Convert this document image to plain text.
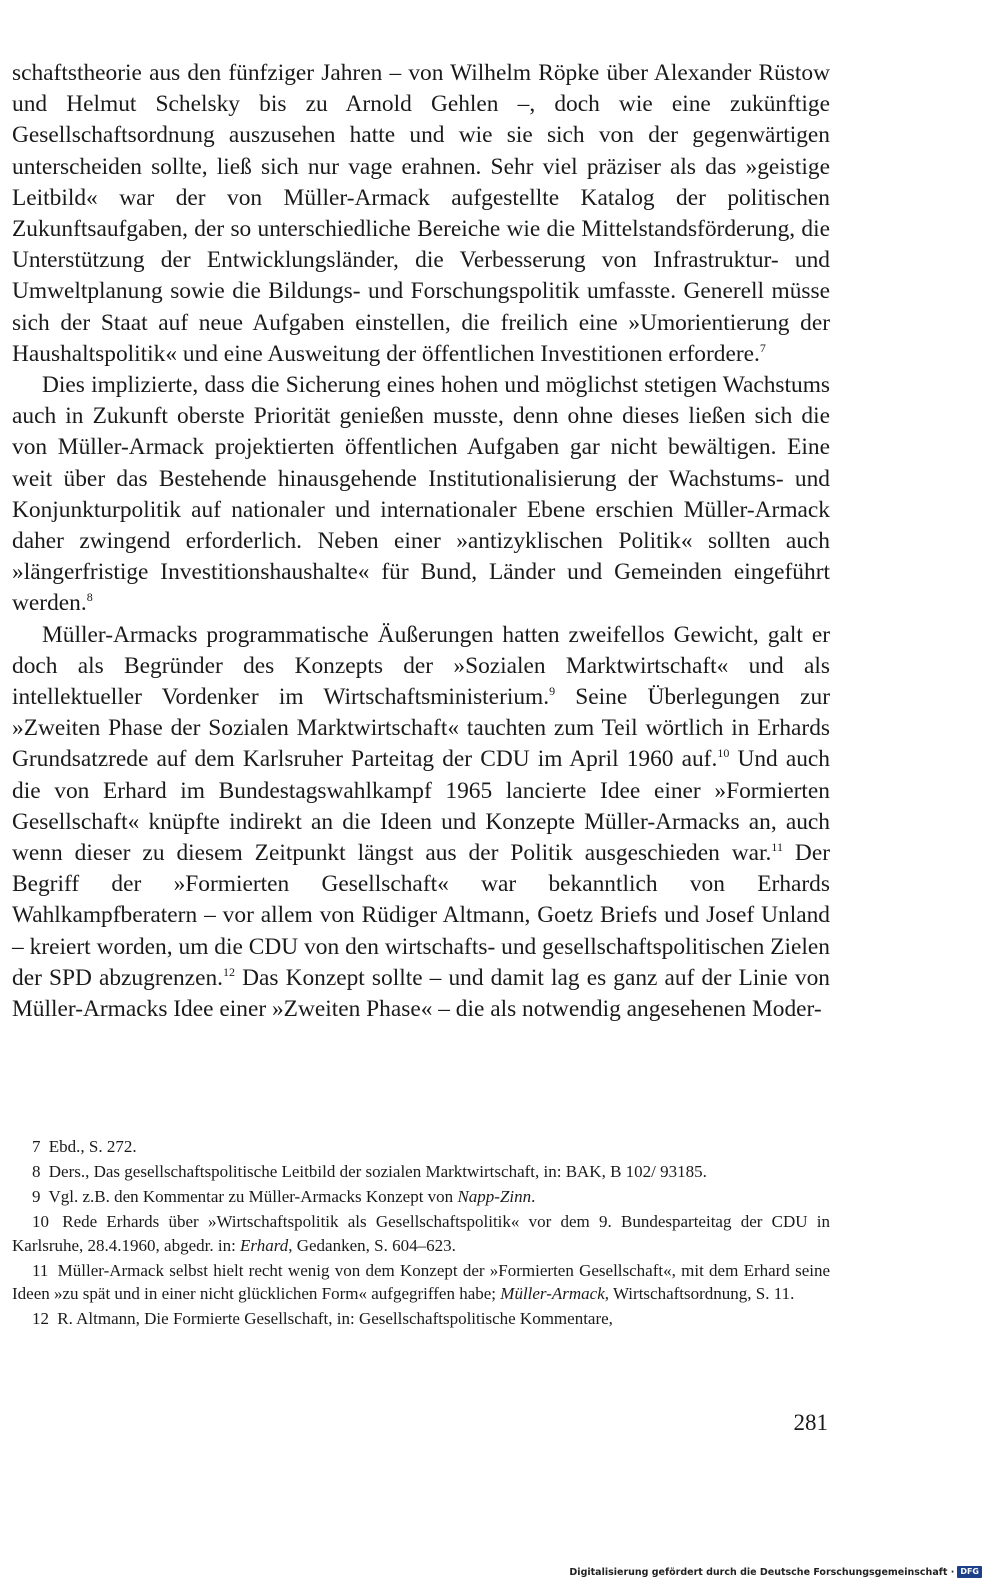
schaftstheorie aus den fünfziger Jahren – von Wilhelm Röpke über Alexander Rüstow und Helmut Schelsky bis zu Arnold Gehlen –, doch wie eine zukünftige Gesellschaftsordnung auszusehen hatte und wie sie sich von der gegenwärtigen unterscheiden sollte, ließ sich nur vage erahnen. Sehr viel präziser als das »geistige Leitbild« war der von Müller-Armack aufgestellte Katalog der politischen Zukunftsaufgaben, der so unterschiedliche Bereiche wie die Mittelstandsförderung, die Unterstützung der Entwicklungsländer, die Verbesserung von Infrastruktur- und Umweltplanung sowie die Bildungs- und Forschungspolitik umfasste. Generell müsse sich der Staat auf neue Aufgaben einstellen, die freilich eine »Umorientierung der Haushaltspolitik« und eine Ausweitung der öffentlichen Investitionen erfordere.$^7$

Dies implizierte, dass die Sicherung eines hohen und möglichst stetigen Wachstums auch in Zukunft oberste Priorität genießen musste, denn ohne dieses ließen sich die von Müller-Armack projektierten öffentlichen Aufgaben gar nicht bewältigen. Eine weit über das Bestehende hinausgehende Institutionalisierung der Wachstums- und Konjunkturpolitik auf nationaler und internationaler Ebene erschien Müller-Armack daher zwingend erforderlich. Neben einer »antizyklischen Politik« sollten auch »längerfristige Investitionshaushalte« für Bund, Länder und Gemeinden eingeführt werden.$^8$

Müller-Armacks programmatische Äußerungen hatten zweifellos Gewicht, galt er doch als Begründer des Konzepts der »Sozialen Marktwirtschaft« und als intellektueller Vordenker im Wirtschaftsministerium.$^9$ Seine Überlegungen zur »Zweiten Phase der Sozialen Marktwirtschaft« tauchten zum Teil wörtlich in Erhards Grundsatzrede auf dem Karlsruher Parteitag der CDU im April 1960 auf.$^{10}$ Und auch die von Erhard im Bundestagswahlkampf 1965 lancierte Idee einer »Formierten Gesellschaft« knüpfte indirekt an die Ideen und Konzepte Müller-Armacks an, auch wenn dieser zu diesem Zeitpunkt längst aus der Politik ausgeschieden war.$^{11}$ Der Begriff der »Formierten Gesellschaft« war bekanntlich von Erhards Wahlkampfberatern – vor allem von Rüdiger Altmann, Goetz Briefs und Josef Unland – kreiert worden, um die CDU von den wirtschafts- und gesellschaftspolitischen Zielen der SPD abzugrenzen.$^{12}$ Das Konzept sollte – und damit lag es ganz auf der Linie von Müller-Armacks Idee einer »Zweiten Phase« – die als notwendig angesehenen Moder-

7 Ebd., S. 272.
8 Ders., Das gesellschaftspolitische Leitbild der sozialen Marktwirtschaft, in: BAK, B 102/ 93185.
9 Vgl. z.B. den Kommentar zu Müller-Armacks Konzept von Napp-Zinn.
10 Rede Erhards über »Wirtschaftspolitik als Gesellschaftspolitik« vor dem 9. Bundesparteitag der CDU in Karlsruhe, 28.4.1960, abgedr. in: Erhard, Gedanken, S. 604–623.
11 Müller-Armack selbst hielt recht wenig von dem Konzept der »Formierten Gesellschaft«, mit dem Erhard seine Ideen »zu spät und in einer nicht glücklichen Form« aufgegriffen habe; Müller-Armack, Wirtschaftsordnung, S. 11.
12 R. Altmann, Die Formierte Gesellschaft, in: Gesellschaftspolitische Kommentare,
281
Digitalisierung gefördert durch die Deutsche Forschungsgemeinschaft · DFG
